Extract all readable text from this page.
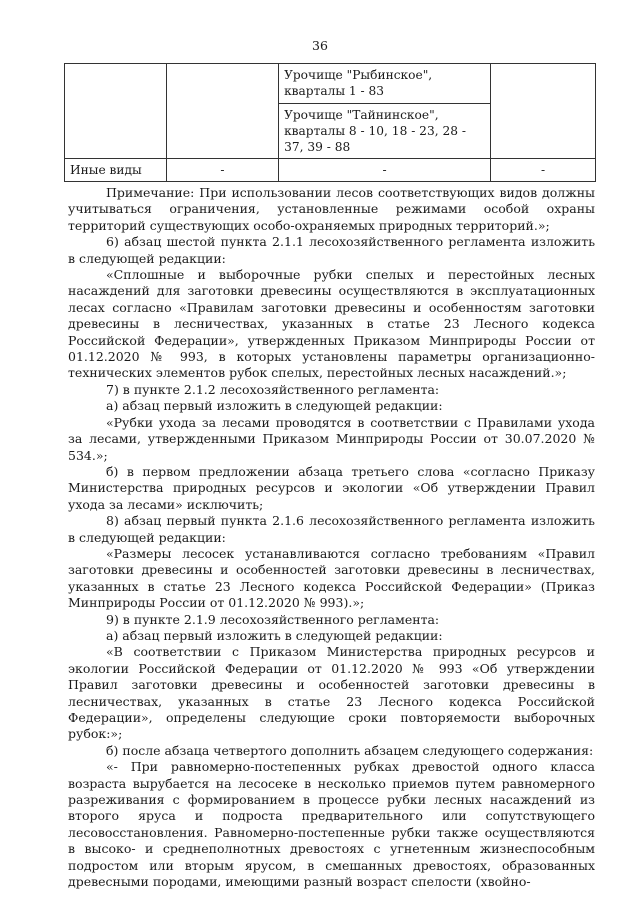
36
		Урочище "Рыбинское", кварталы 1 - 83	
		Урочище "Тайнинское", кварталы 8 - 10, 18 - 23, 28 - 37, 39 - 88	
Иные виды	-	-	-

Примечание: При использовании лесов соответствующих видов должны учитываться ограничения, установленные режимами особой охраны территорий существующих особо-охраняемых природных территорий.»;

6) абзац шестой пункта 2.1.1 лесохозяйственного регламента изложить в следующей редакции:

«Сплошные и выборочные рубки спелых и перестойных лесных насаждений для заготовки древесины осуществляются в эксплуатационных лесах согласно «Правилам заготовки древесины и особенностям заготовки древесины в лесничествах, указанных в статье 23 Лесного кодекса Российской Федерации», утвержденных Приказом Минприроды России от 01.12.2020 № 993, в которых установлены параметры организационно-технических элементов рубок спелых, перестойных лесных насаждений.»;

7) в пункте 2.1.2 лесохозяйственного регламента:

а) абзац первый изложить в следующей редакции:

«Рубки ухода за лесами проводятся в соответствии с Правилами ухода за лесами, утвержденными Приказом Минприроды России от 30.07.2020 № 534.»;

б) в первом предложении абзаца третьего слова «согласно Приказу Министерства природных ресурсов и экологии «Об утверждении Правил ухода за лесами» исключить;

8) абзац первый пункта 2.1.6 лесохозяйственного регламента изложить в следующей редакции:

«Размеры лесосек устанавливаются согласно требованиям «Правил заготовки древесины и особенностей заготовки древесины в лесничествах, указанных в статье 23 Лесного кодекса Российской Федерации» (Приказ Минприроды России от 01.12.2020 № 993).»;

9) в пункте 2.1.9 лесохозяйственного регламента:

а) абзац первый изложить в следующей редакции:

«В соответствии с Приказом Министерства природных ресурсов и экологии Российской Федерации от 01.12.2020 № 993 «Об утверждении Правил заготовки древесины и особенностей заготовки древесины в лесничествах, указанных в статье 23 Лесного кодекса Российской Федерации», определены следующие сроки повторяемости выборочных рубок:»;

б) после абзаца четвертого дополнить абзацем следующего содержания:

«- При равномерно-постепенных рубках древостой одного класса возраста вырубается на лесосеке в несколько приемов путем равномерного разреживания с формированием в процессе рубки лесных насаждений из второго яруса и подроста предварительного или сопутствующего лесовосстановления. Равномерно-постепенные рубки также осуществляются в высоко- и среднеполнотных древостоях с угнетенным жизнеспособным подростом или вторым ярусом, в смешанных древостоях, образованных древесными породами, имеющими разный возраст спелости (хвойно-
